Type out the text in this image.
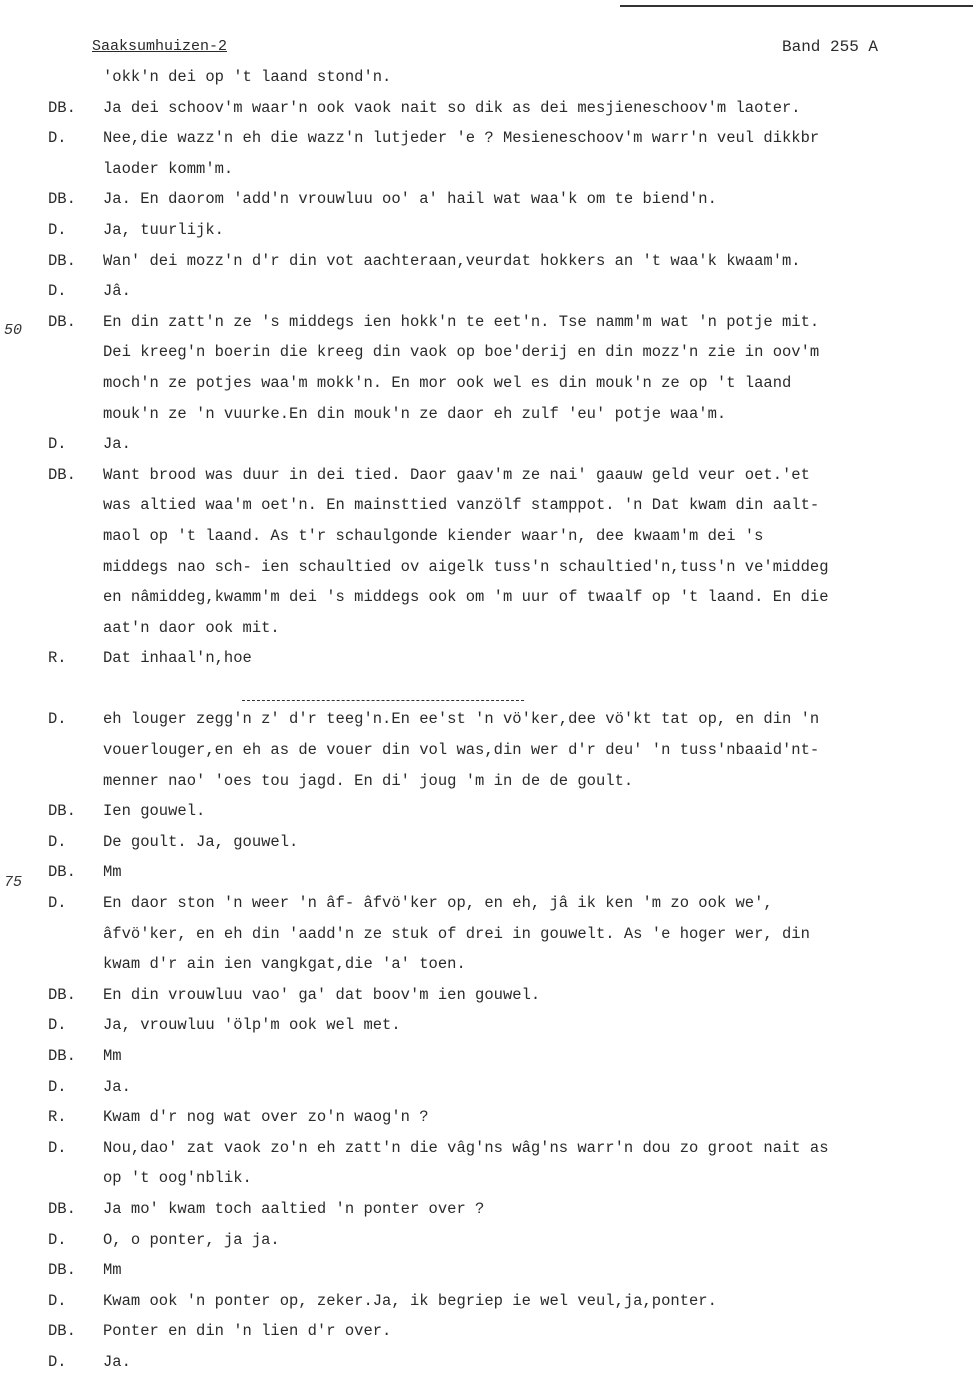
Saaksumhuizen-2	Band 255 A
50
75
'okk'n dei op 't laand stond'n.
DB. Ja dei schoov'm waar'n ook vaok nait so dik as dei mesjieneschoov'm laoter.
D. Nee,die wazz'n eh die wazz'n lutjeder 'e ? Mesieneschoov'm warr'n veul dikkbr
laoder komm'm.
DB. Ja. En daorom 'add'n vrouwluu oo' a' hail wat waa'k om te biend'n.
D. Ja, tuurlijk.
DB. Wan' dei mozz'n d'r din vot aachteraan,veurdat hokkers an 't waa'k kwaam'm.
D. Jâ.
DB. En din zatt'n ze 's middegs ien hokk'n te eet'n. Tse namm'm wat 'n potje mit.
Dei kreeg'n boerin die kreeg din vaok op boe'derij en din mozz'n zie in oov'm
moch'n ze potjes waa'm mokk'n. En mor ook wel es din mouk'n ze op 't laand
mouk'n ze 'n vuurke.En din mouk'n ze daor eh zulf 'eu' potje waa'm.
D. Ja.
DB. Want brood was duur in dei tied. Daor gaav'm ze nai' gaauw geld veur oet.'et
was altied waa'm oet'n. En mainsttied vanzölf stamppot. 'n Dat kwam din aalt-
maol op 't laand. As t'r schaulgonde kiender waar'n, dee kwaam'm dei 's
middegs nao sch- ien schaultied ov aigelk tuss'n schaultied'n,tuss'n ve'middeg
en nâmiddeg,kwamm'm dei 's middegs ook om 'm uur of twaalf op 't laand. En die
aat'n daor ook mit.
R. Dat inhaal'n,hoe
D. eh louger zegg'n z' d'r teeg'n.En ee'st 'n vö'ker,dee vö'kt tat op, en din 'n
vouerlouger,en eh as de vouer din vol was,din wer d'r deu' 'n tuss'nbaaid'nt-
menner nao' 'oes tou jagd. En di' joug 'm in de de goult.
DB. Ien gouwel.
D. De goult. Ja, gouwel.
DB. Mm
D. En daor ston 'n weer 'n âf- âfvö'ker op, en eh, jâ ik ken 'm zo ook we',
âfvö'ker, en eh din 'aadd'n ze stuk of drei in gouwelt. As 'e hoger wer, din
kwam d'r ain ien vangkgat,die 'a' toen.
DB. En din vrouwluu vao' ga' dat boov'm ien gouwel.
D. Ja, vrouwluu 'ölp'm ook wel met.
DB. Mm
D. Ja.
R. Kwam d'r nog wat over zo'n waog'n ?
D. Nou,dao' zat vaok zo'n eh zatt'n die vâg'ns wâg'ns warr'n dou zo groot nait as
op 't oog'nblik.
DB. Ja mo' kwam toch aaltied 'n ponter over ?
D. O, o ponter, ja ja.
DB. Mm
D. Kwam ook 'n ponter op, zeker.Ja, ik begriep ie wel veul,ja,ponter.
DB. Ponter en din 'n lien d'r over.
D. Ja.
